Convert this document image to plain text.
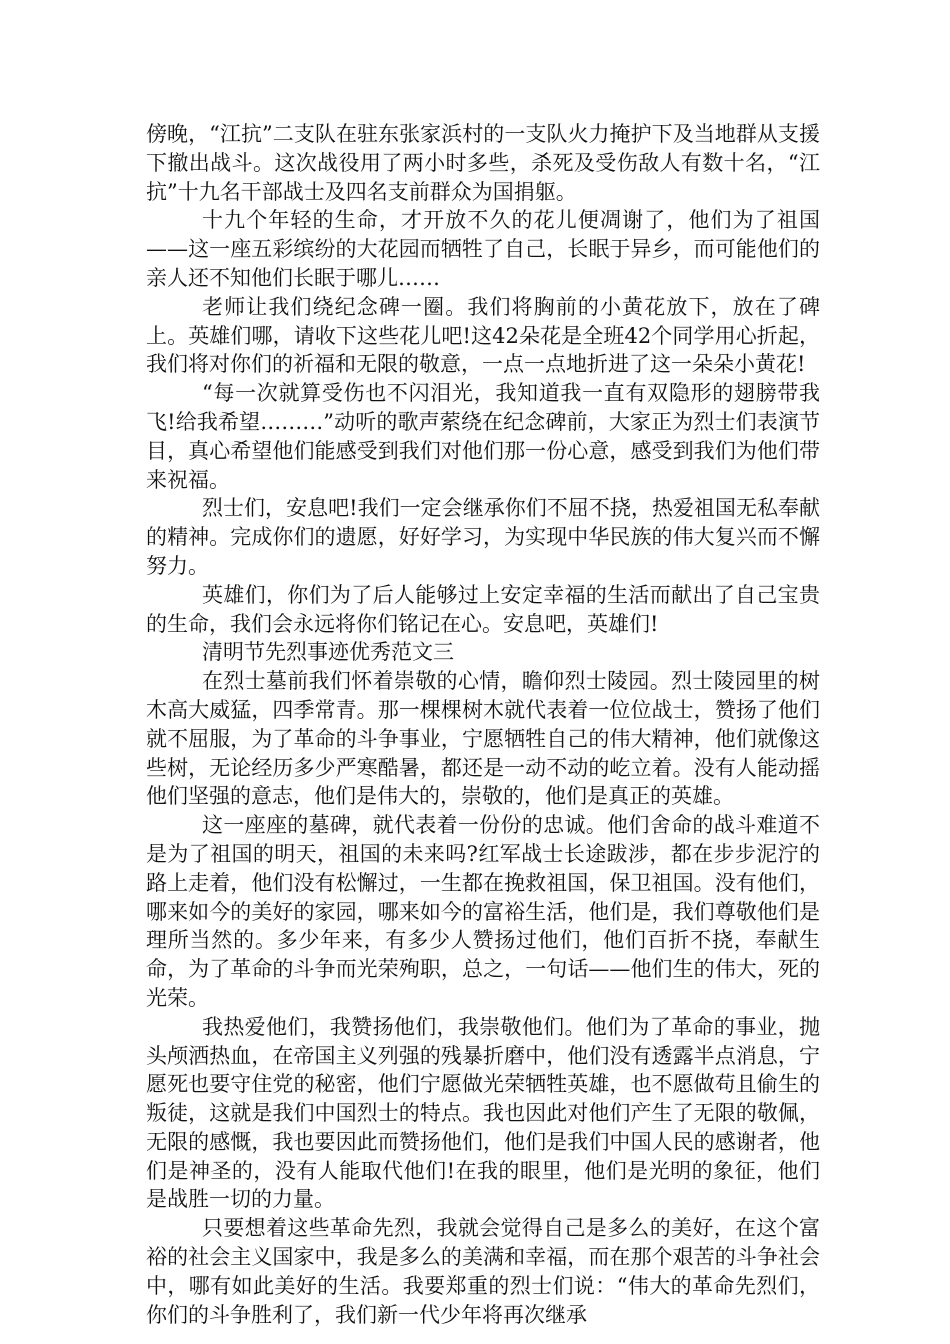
傍晚，“江抗”二支队在驻东张家浜村的一支队火力掩护下及当地群从支援下撤出战斗。这次战役用了两小时多些，杀死及受伤敌人有数十名，“江抗”十九名干部战士及四名支前群众为国捐躯。

十九个年轻的生命，才开放不久的花儿便凋谢了，他们为了祖国——这一座五彩缤纷的大花园而牺牲了自己，长眠于异乡，而可能他们的亲人还不知他们长眠于哪儿……

老师让我们绕纪念碑一圈。我们将胸前的小黄花放下，放在了碑上。英雄们哪，请收下这些花儿吧!这42朵花是全班42个同学用心折起，我们将对你们的祈福和无限的敬意，一点一点地折进了这一朵朵小黄花!

“每一次就算受伤也不闪泪光，我知道我一直有双隐形的翅膀带我飞!给我希望………”动听的歌声萦绕在纪念碑前，大家正为烈士们表演节目，真心希望他们能感受到我们对他们那一份心意，感受到我们为他们带来祝福。

烈士们，安息吧!我们一定会继承你们不屈不挠，热爱祖国无私奉献的精神。完成你们的遗愿，好好学习，为实现中华民族的伟大复兴而不懈努力。

英雄们，你们为了后人能够过上安定幸福的生活而献出了自己宝贵的生命，我们会永远将你们铭记在心。安息吧，英雄们!

清明节先烈事迹优秀范文三

在烈士墓前我们怀着崇敬的心情，瞻仰烈士陵园。烈士陵园里的树木高大威猛，四季常青。那一棵棵树木就代表着一位位战士，赞扬了他们就不屈服，为了革命的斗争事业，宁愿牺牲自己的伟大精神，他们就像这些树，无论经历多少严寒酷暑，都还是一动不动的屹立着。没有人能动摇他们坚强的意志，他们是伟大的，崇敬的，他们是真正的英雄。

这一座座的墓碑，就代表着一份份的忠诚。他们舍命的战斗难道不是为了祖国的明天，祖国的未来吗?红军战士长途跋涉，都在步步泥泞的路上走着，他们没有松懈过，一生都在挽救祖国，保卫祖国。没有他们，哪来如今的美好的家园，哪来如今的富裕生活，他们是，我们尊敬他们是理所当然的。多少年来，有多少人赞扬过他们，他们百折不挠，奉献生命，为了革命的斗争而光荣殉职，总之，一句话——他们生的伟大，死的光荣。

我热爱他们，我赞扬他们，我崇敬他们。他们为了革命的事业，抛头颅洒热血，在帝国主义列强的残暴折磨中，他们没有透露半点消息，宁愿死也要守住党的秘密，他们宁愿做光荣牺牲英雄，也不愿做苟且偷生的叛徒，这就是我们中国烈士的特点。我也因此对他们产生了无限的敬佩，无限的感慨，我也要因此而赞扬他们，他们是我们中国人民的感谢者，他们是神圣的，没有人能取代他们!在我的眼里，他们是光明的象征，他们是战胜一切的力量。

只要想着这些革命先烈，我就会觉得自己是多么的美好，在这个富裕的社会主义国家中，我是多么的美满和幸福，而在那个艰苦的斗争社会中，哪有如此美好的生活。我要郑重的烈士们说：“伟大的革命先烈们，你们的斗争胜利了，我们新一代少年将再次继承
